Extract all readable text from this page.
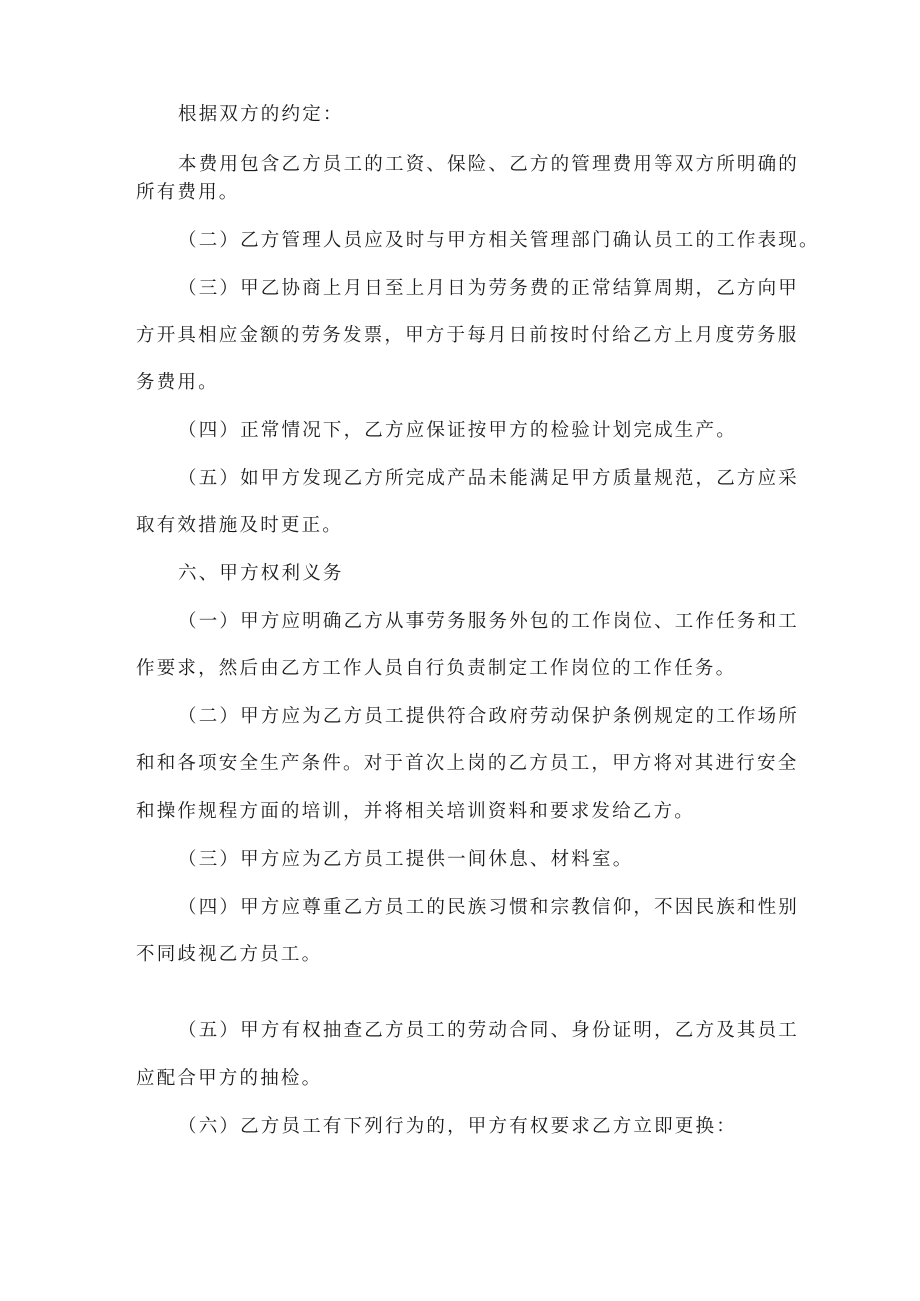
根据双方的约定：
本费用包含乙方员工的工资、保险、乙方的管理费用等双方所明确的
所有费用。
（二）乙方管理人员应及时与甲方相关管理部门确认员工的工作表现。
（三）甲乙协商上月日至上月日为劳务费的正常结算周期，乙方向甲
方开具相应金额的劳务发票，甲方于每月日前按时付给乙方上月度劳务服
务费用。
（四）正常情况下，乙方应保证按甲方的检验计划完成生产。
（五）如甲方发现乙方所完成产品未能满足甲方质量规范，乙方应采
取有效措施及时更正。
六、甲方权利义务
（一）甲方应明确乙方从事劳务服务外包的工作岗位、工作任务和工
作要求，然后由乙方工作人员自行负责制定工作岗位的工作任务。
（二）甲方应为乙方员工提供符合政府劳动保护条例规定的工作场所
和和各项安全生产条件。对于首次上岗的乙方员工，甲方将对其进行安全
和操作规程方面的培训，并将相关培训资料和要求发给乙方。
（三）甲方应为乙方员工提供一间休息、材料室。
（四）甲方应尊重乙方员工的民族习惯和宗教信仰，不因民族和性别
不同歧视乙方员工。
（五）甲方有权抽查乙方员工的劳动合同、身份证明，乙方及其员工
应配合甲方的抽检。
（六）乙方员工有下列行为的，甲方有权要求乙方立即更换：
